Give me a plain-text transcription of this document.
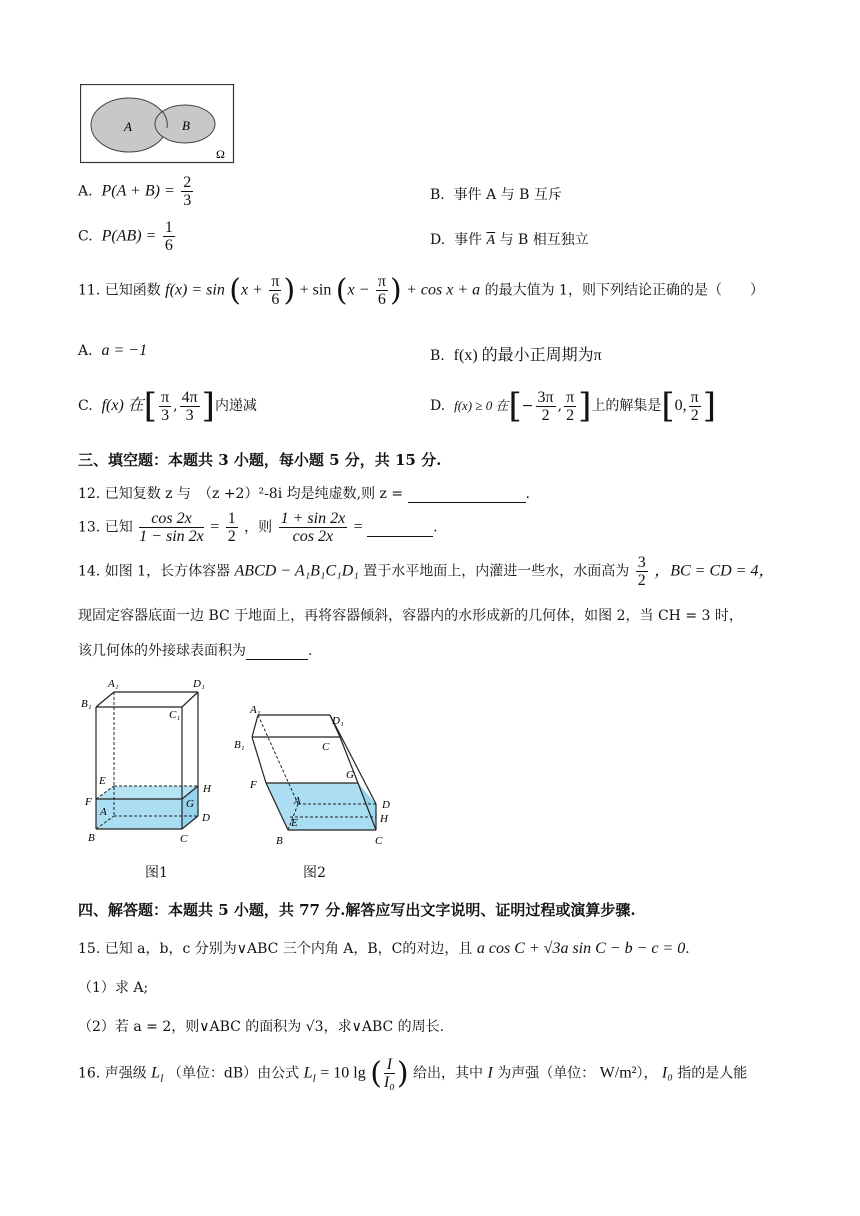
A	B
Ω
A. $P(A + B) = \frac{2}{3}$	B. 事件 A 与 B 互斥
C. $P(AB) = \frac{1}{6}$	D. 事件 $\overline{A}$ 与 B 相互独立
11. 已知函数 $f(x) = \sin (x + \frac{\pi}{6}$ ) + $\sin (x - \frac{\pi}{6}$ ) + cos x + a 的最大值为 1，则下列结论正确的是（　　）
A. a = −1	B. f(x) 的最小正周期为π
C. f(x) 在[ $\frac{\pi}{3}$ , $\frac{4\pi}{3}$ ]内递减	D. f(x) ≥ 0 在[− $\frac{3\pi}{2}$ , $\frac{\pi}{2}$ ]上的解集是[0, $\frac{\pi}{2}$ ]
三、填空题：本题共 3 小题，每小题 5 分，共 15 分.
12. 已知复数 z 与　（z +2）²-8i 均是纯虚数,则 z =	.
13. 已知 $\frac{\cos 2x}{1 - \sin 2x} = \frac{1}{2}$ ，则 $\frac{1 + \sin 2x}{\cos 2x}$ =	.
14. 如图 1，长方体容器 ABCD − A₁B₁C₁D₁ 置于水平地面上，内灌进一些水，水面高为 $\frac{3}{2}$ ，BC = CD = 4，
现固定容器底面一边 BC 于地面上，再将容器倾斜，容器内的水形成新的几何体，如图 2，当 CH = 3 时，
该几何体的外接球表面积为	.
A₁	D₁
B₁
C₁
E
H
F	G
A	D
B	C
图1
A₁
D₁
B₁	C
G
F
A	D
H
E
B	C
图2
四、解答题：本题共 5 小题，共 77 分.解答应写出文字说明、证明过程或演算步骤.
15. 已知 a，b，c 分别为∨ABC 三个内角 A，B，C的对边，且 a cos C + √3a sin C − b − c = 0.
（1）求 A;
（2）若 a = 2，则∨ABC 的面积为 √3，求∨ABC 的周长.
16. 声强级 $L_I$ （单位：dB）由公式 $L_I = 10$ lg ( $\frac{I}{\text{I₀}}$ ) 给出，其中 I 为声强（单位： W/m²）， I₀ 指的是人能
